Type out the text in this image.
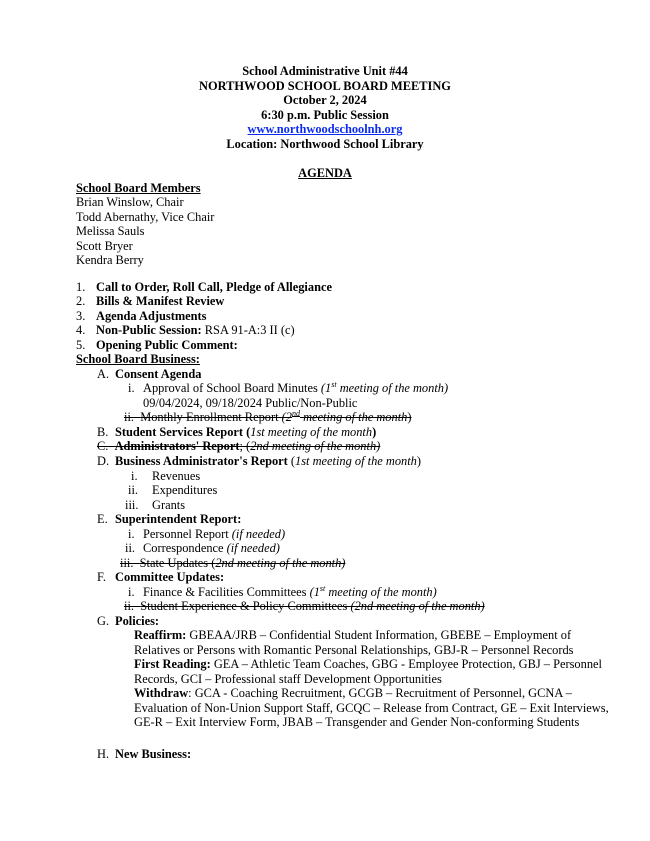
School Administrative Unit #44
NORTHWOOD SCHOOL BOARD MEETING
October 2, 2024
6:30 p.m. Public Session
www.northwoodschoolnh.org
Location: Northwood School Library
AGENDA
School Board Members
Brian Winslow, Chair
Todd Abernathy, Vice Chair
Melissa Sauls
Scott Bryer
Kendra Berry
1. Call to Order, Roll Call, Pledge of Allegiance
2. Bills & Manifest Review
3. Agenda Adjustments
4. Non-Public Session: RSA 91-A:3 II (c)
5. Opening Public Comment:
School Board Business:
A. Consent Agenda
i. Approval of School Board Minutes (1st meeting of the month)
09/04/2024, 09/18/2024 Public/Non-Public
ii. Monthly Enrollment Report (2nd meeting of the month)
B. Student Services Report (1st meeting of the month)
C. Administrators' Report; (2nd meeting of the month)
D. Business Administrator's Report (1st meeting of the month)
i. Revenues
ii. Expenditures
iii. Grants
E. Superintendent Report:
i. Personnel Report (if needed)
ii. Correspondence (if needed)
iii. State Updates (2nd meeting of the month)
F. Committee Updates:
i. Finance & Facilities Committees (1st meeting of the month)
ii. Student Experience & Policy Committees (2nd meeting of the month)
G. Policies:
Reaffirm: GBEAA/JRB – Confidential Student Information, GBEBE – Employment of Relatives or Persons with Romantic Personal Relationships, GBJ-R – Personnel Records
First Reading: GEA – Athletic Team Coaches, GBG - Employee Protection, GBJ – Personnel Records, GCI – Professional staff Development Opportunities
Withdraw: GCA - Coaching Recruitment, GCGB – Recruitment of Personnel, GCNA – Evaluation of Non-Union Support Staff, GCQC – Release from Contract, GE – Exit Interviews, GE-R – Exit Interview Form, JBAB – Transgender and Gender Non-conforming Students
H. New Business:
